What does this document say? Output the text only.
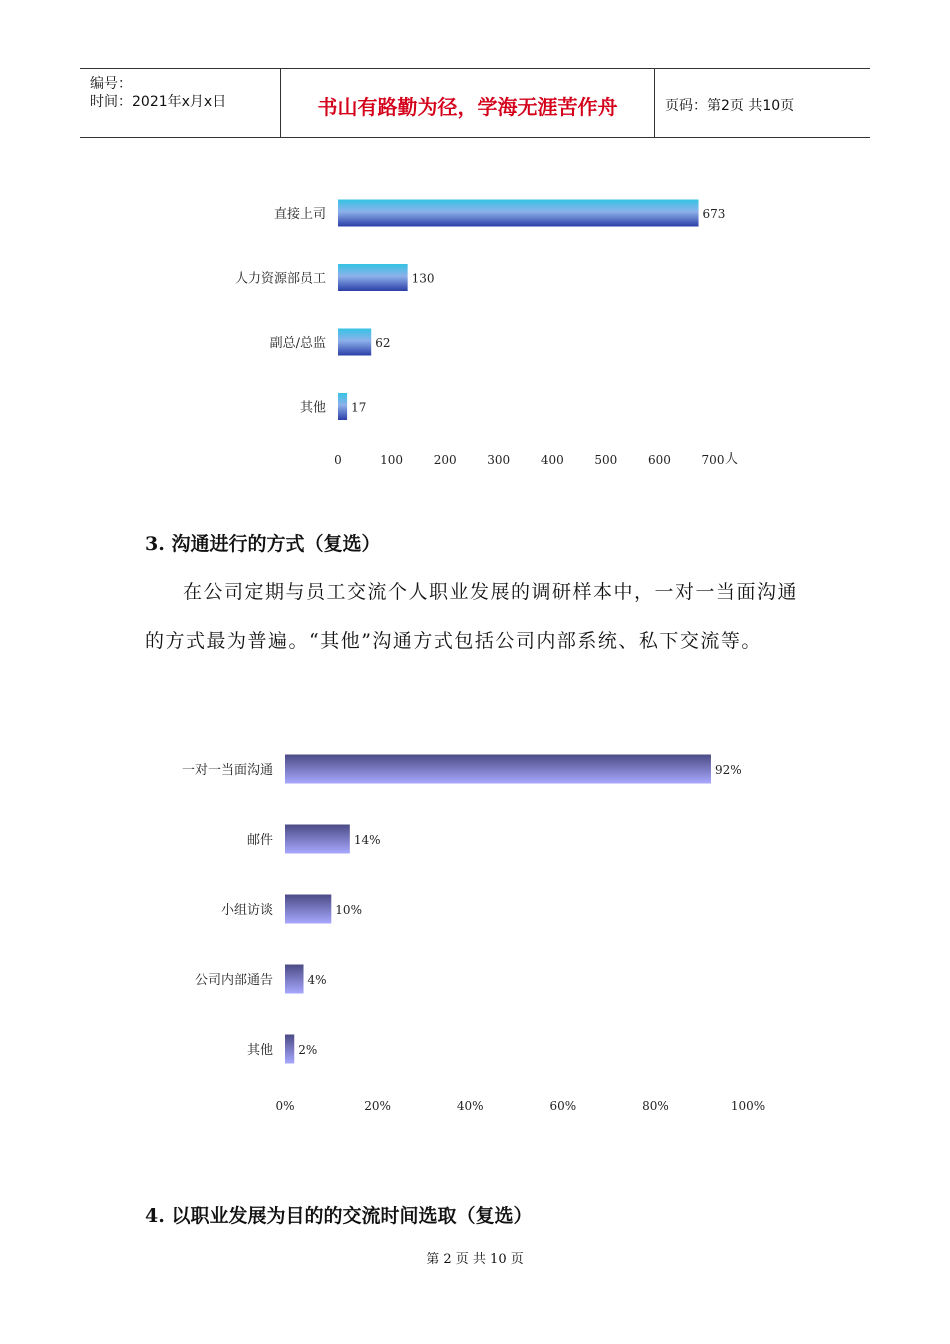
编号：
时间：2021年x月x日	书山有路勤为径，学海无涯苦作舟	页码：第2页 共10页
直接上司	673
人力资源部员工	130
副总/总监	62
其他 17
0	100	200	300	400	500	600	700 人
3. 沟通进行的方式（复选）

在公司定期与员工交流个人职业发展的调研样本中，一对一当面沟通的方式最为普遍。“其他”沟通方式包括公司内部系统、私下交流等。

一对一当面沟通	92%
邮件	14%
小组访谈	10%
公司内部通告	4%
其他 2%
0%	20%	40%	60%	80%	100%
4. 以职业发展为目的的交流时间选取（复选）
第 2 页 共 10 页
